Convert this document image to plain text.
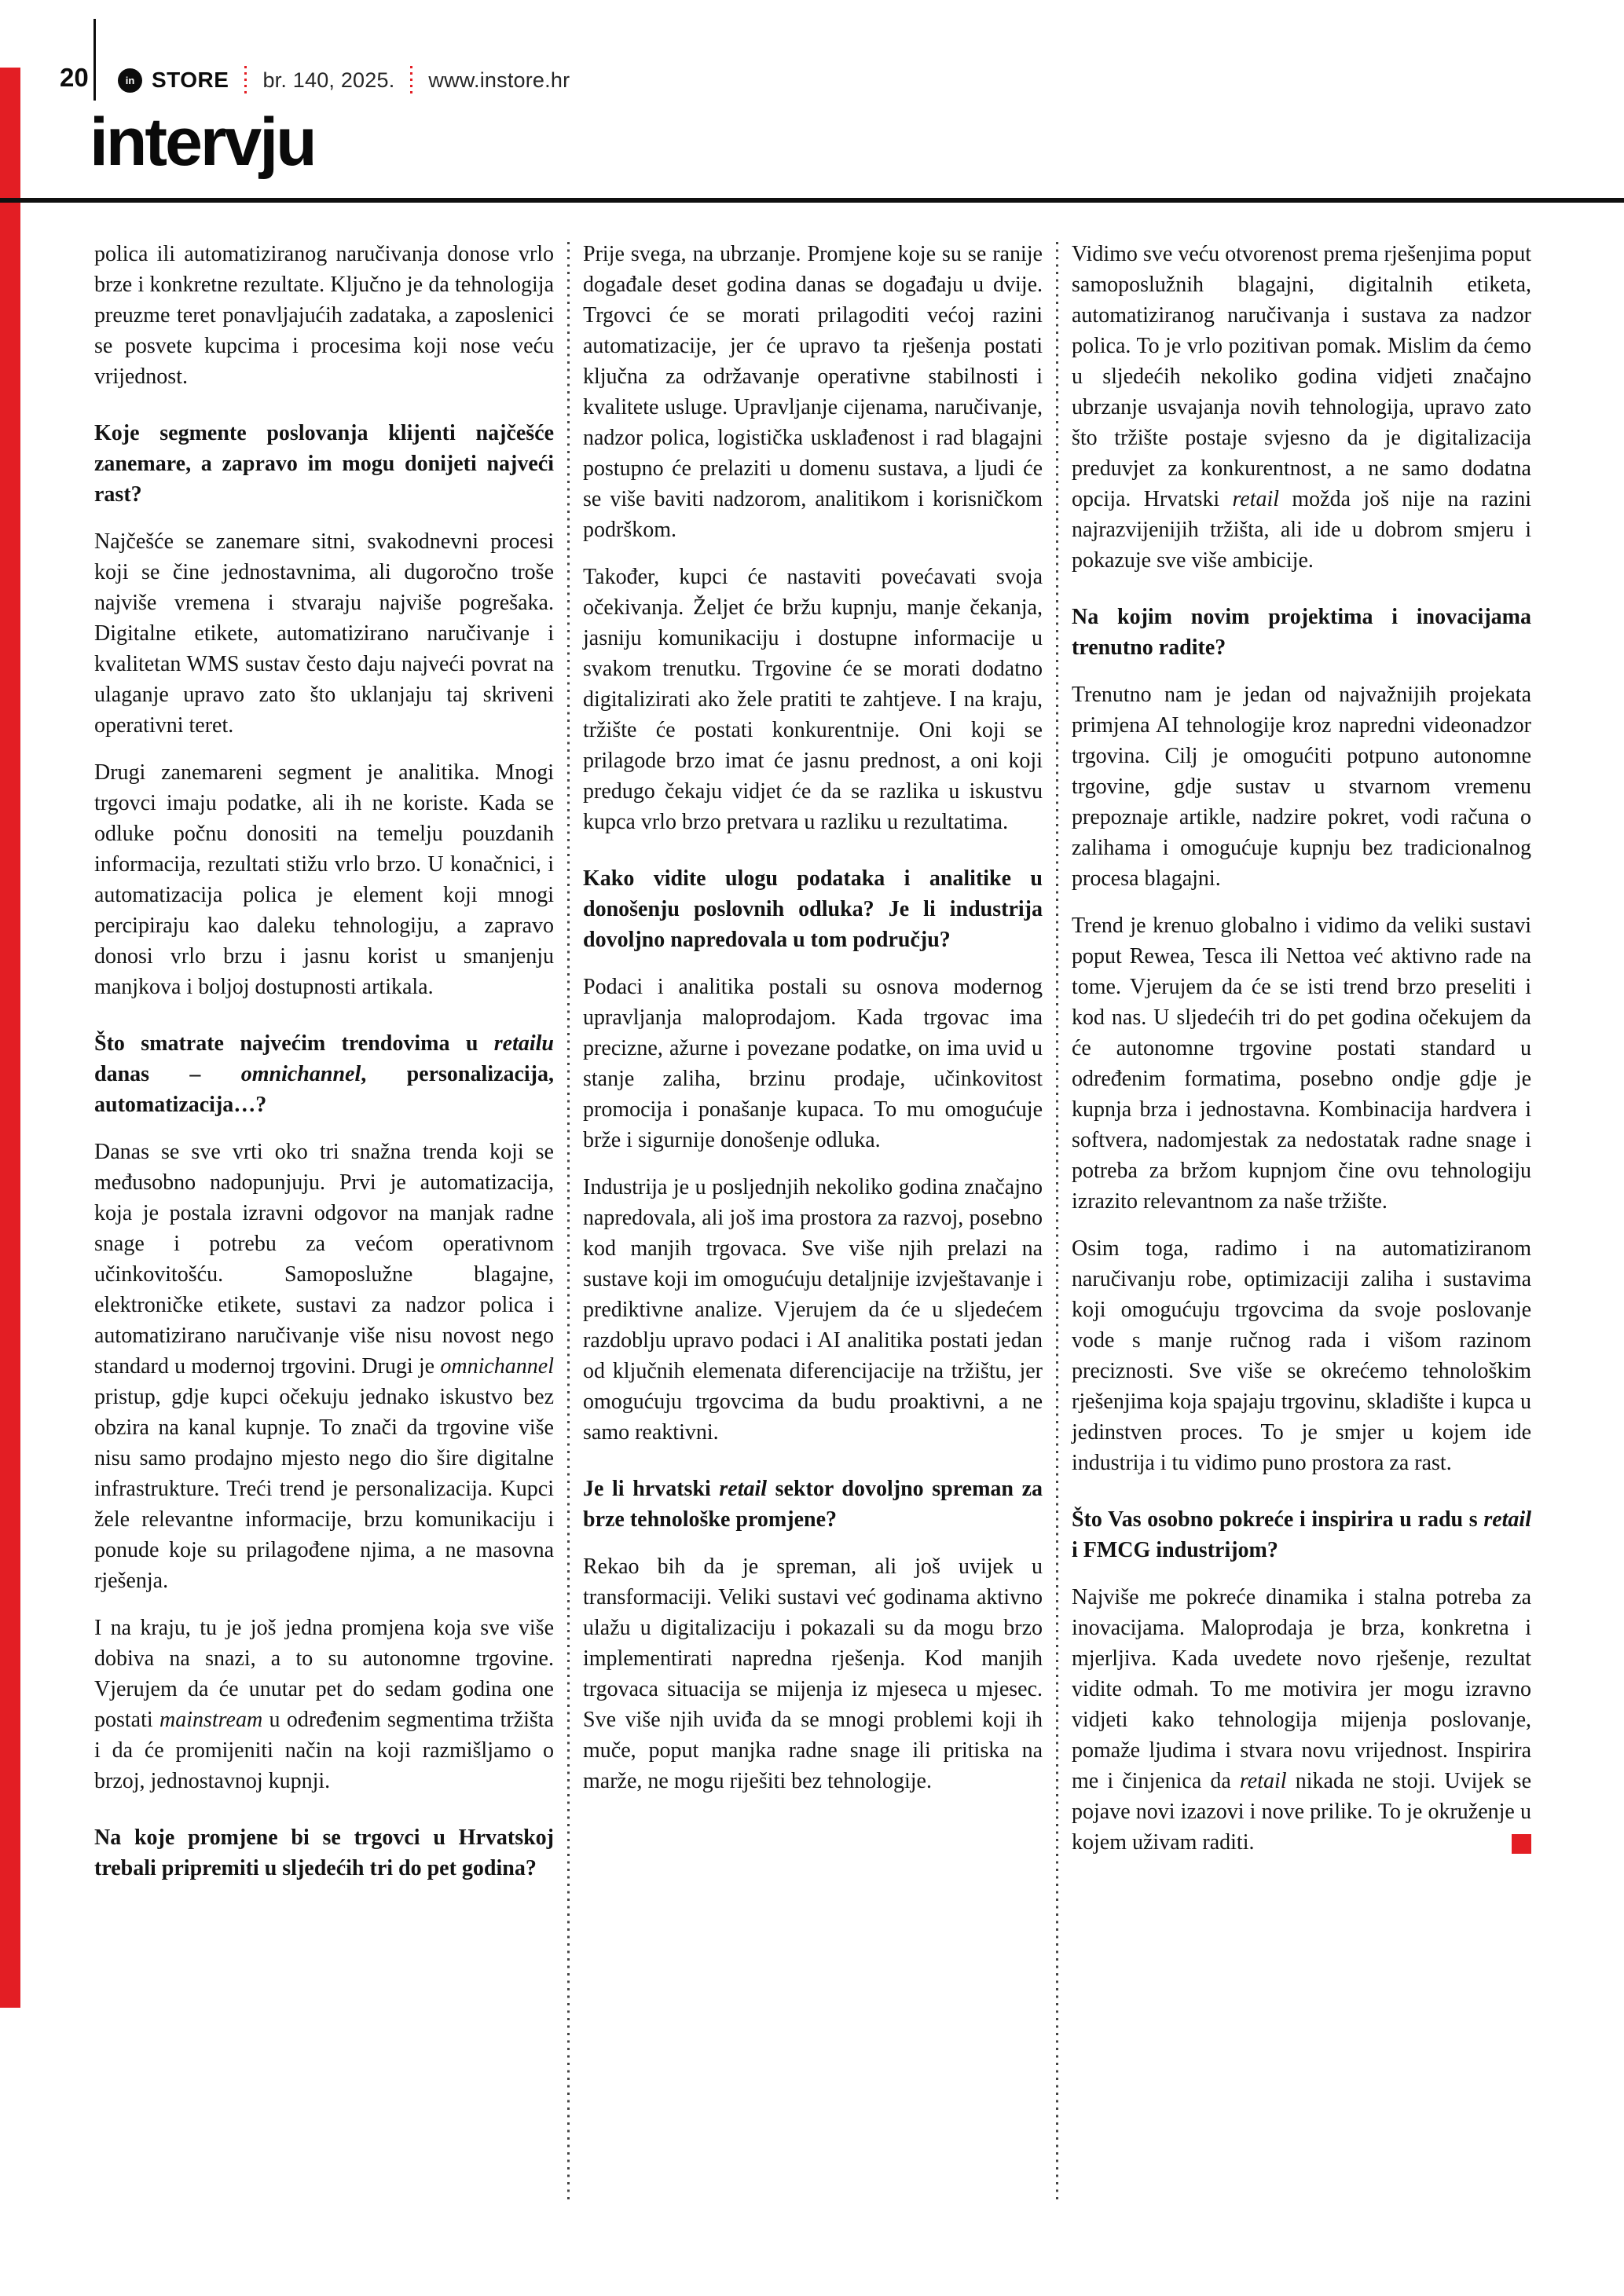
20	in STORE br. 140, 2025. www.instore.hr
intervju

polica ili automatiziranog naručivanja donose vrlo brze i konkretne rezultate. Ključno je da tehnologija preuzme teret ponavljajućih zadataka, a zaposlenici se posvete kupcima i procesima koji nose veću vrijednost.

Koje segmente poslovanja klijenti najčešće zanemare, a zapravo im mogu donijeti najveći rast?

Najčešće se zanemare sitni, svakodnevni procesi koji se čine jednostavnima, ali dugoročno troše najviše vremena i stvaraju najviše pogrešaka. Digitalne etikete, automatizirano naručivanje i kvalitetan WMS sustav često daju najveći povrat na ulaganje upravo zato što uklanjaju taj skriveni operativni teret.

Drugi zanemareni segment je analitika. Mnogi trgovci imaju podatke, ali ih ne koriste. Kada se odluke počnu donositi na temelju pouzdanih informacija, rezultati stižu vrlo brzo. U konačnici, i automatizacija polica je element koji mnogi percipiraju kao daleku tehnologiju, a zapravo donosi vrlo brzu i jasnu korist u smanjenju manjkova i boljoj dostupnosti artikala.

Što smatrate najvećim trendovima u retailu danas – omnichannel, personalizacija, automatizacija…?

Danas se sve vrti oko tri snažna trenda koji se međusobno nadopunjuju. Prvi je automatizacija, koja je postala izravni odgovor na manjak radne snage i potrebu za većom operativnom učinkovitošću. Samoposlužne blagajne, elektroničke etikete, sustavi za nadzor polica i automatizirano naručivanje više nisu novost nego standard u modernoj trgovini. Drugi je omnichannel pristup, gdje kupci očekuju jednako iskustvo bez obzira na kanal kupnje. To znači da trgovine više nisu samo prodajno mjesto nego dio šire digitalne infrastrukture. Treći trend je personalizacija. Kupci žele relevantne informacije, brzu komunikaciju i ponude koje su prilagođene njima, a ne masovna rješenja.

I na kraju, tu je još jedna promjena koja sve više dobiva na snazi, a to su autonomne trgovine. Vjerujem da će unutar pet do sedam godina one postati mainstream u određenim segmentima tržišta i da će promijeniti način na koji razmišljamo o brzoj, jednostavnoj kupnji.

Na koje promjene bi se trgovci u Hrvatskoj trebali pripremiti u sljedećih tri do pet godina?

Prije svega, na ubrzanje. Promjene koje su se ranije događale deset godina danas se događaju u dvije. Trgovci će se morati prilagoditi većoj razini automatizacije, jer će upravo ta rješenja postati ključna za održavanje operativne stabilnosti i kvalitete usluge. Upravljanje cijenama, naručivanje, nadzor polica, logistička usklađenost i rad blagajni postupno će prelaziti u domenu sustava, a ljudi će se više baviti nadzorom, analitikom i korisničkom podrškom.

Također, kupci će nastaviti povećavati svoja očekivanja. Željet će bržu kupnju, manje čekanja, jasniju komunikaciju i dostupne informacije u svakom trenutku. Trgovine će se morati dodatno digitalizirati ako žele pratiti te zahtjeve. I na kraju, tržište će postati konkurentnije. Oni koji se prilagode brzo imat će jasnu prednost, a oni koji predugo čekaju vidjet će da se razlika u iskustvu kupca vrlo brzo pretvara u razliku u rezultatima.

Kako vidite ulogu podataka i analitike u donošenju poslovnih odluka? Je li industrija dovoljno napredovala u tom području?

Podaci i analitika postali su osnova modernog upravljanja maloprodajom. Kada trgovac ima precizne, ažurne i povezane podatke, on ima uvid u stanje zaliha, brzinu prodaje, učinkovitost promocija i ponašanje kupaca. To mu omogućuje brže i sigurnije donošenje odluka.

Industrija je u posljednjih nekoliko godina značajno napredovala, ali još ima prostora za razvoj, posebno kod manjih trgovaca. Sve više njih prelazi na sustave koji im omogućuju detaljnije izvještavanje i prediktivne analize. Vjerujem da će u sljedećem razdoblju upravo podaci i AI analitika postati jedan od ključnih elemenata diferencijacije na tržištu, jer omogućuju trgovcima da budu proaktivni, a ne samo reaktivni.

Je li hrvatski retail sektor dovoljno spreman za brze tehnološke promjene?

Rekao bih da je spreman, ali još uvijek u transformaciji. Veliki sustavi već godinama aktivno ulažu u digitalizaciju i pokazali su da mogu brzo implementirati napredna rješenja. Kod manjih trgovaca situacija se mijenja iz mjeseca u mjesec. Sve više njih uviđa da se mnogi problemi koji ih muče, poput manjka radne snage ili pritiska na marže, ne mogu riješiti bez tehnologije.

Vidimo sve veću otvorenost prema rješenjima poput samoposlužnih blagajni, digitalnih etiketa, automatiziranog naručivanja i sustava za nadzor polica. To je vrlo pozitivan pomak. Mislim da ćemo u sljedećih nekoliko godina vidjeti značajno ubrzanje usvajanja novih tehnologija, upravo zato što tržište postaje svjesno da je digitalizacija preduvjet za konkurentnost, a ne samo dodatna opcija. Hrvatski retail možda još nije na razini najrazvijenijih tržišta, ali ide u dobrom smjeru i pokazuje sve više ambicije.

Na kojim novim projektima i inovacijama trenutno radite?

Trenutno nam je jedan od najvažnijih projekata primjena AI tehnologije kroz napredni videonadzor trgovina. Cilj je omogućiti potpuno autonomne trgovine, gdje sustav u stvarnom vremenu prepoznaje artikle, nadzire pokret, vodi računa o zalihama i omogućuje kupnju bez tradicionalnog procesa blagajni.

Trend je krenuo globalno i vidimo da veliki sustavi poput Rewea, Tesca ili Nettoa već aktivno rade na tome. Vjerujem da će se isti trend brzo preseliti i kod nas. U sljedećih tri do pet godina očekujem da će autonomne trgovine postati standard u određenim formatima, posebno ondje gdje je kupnja brza i jednostavna. Kombinacija hardvera i softvera, nadomjestak za nedostatak radne snage i potreba za bržom kupnjom čine ovu tehnologiju izrazito relevantnom za naše tržište.

Osim toga, radimo i na automatiziranom naručivanju robe, optimizaciji zaliha i sustavima koji omogućuju trgovcima da svoje poslovanje vode s manje ručnog rada i višom razinom preciznosti. Sve više se okrećemo tehnološkim rješenjima koja spajaju trgovinu, skladište i kupca u jedinstven proces. To je smjer u kojem ide industrija i tu vidimo puno prostora za rast.

Što Vas osobno pokreće i inspirira u radu s retail i FMCG industrijom?

Najviše me pokreće dinamika i stalna potreba za inovacijama. Maloprodaja je brza, konkretna i mjerljiva. Kada uvedete novo rješenje, rezultat vidite odmah. To me motivira jer mogu izravno vidjeti kako tehnologija mijenja poslovanje, pomaže ljudima i stvara novu vrijednost. Inspirira me i činjenica da retail nikada ne stoji. Uvijek se pojave novi izazovi i nove prilike. To je okruženje u kojem uživam raditi.
